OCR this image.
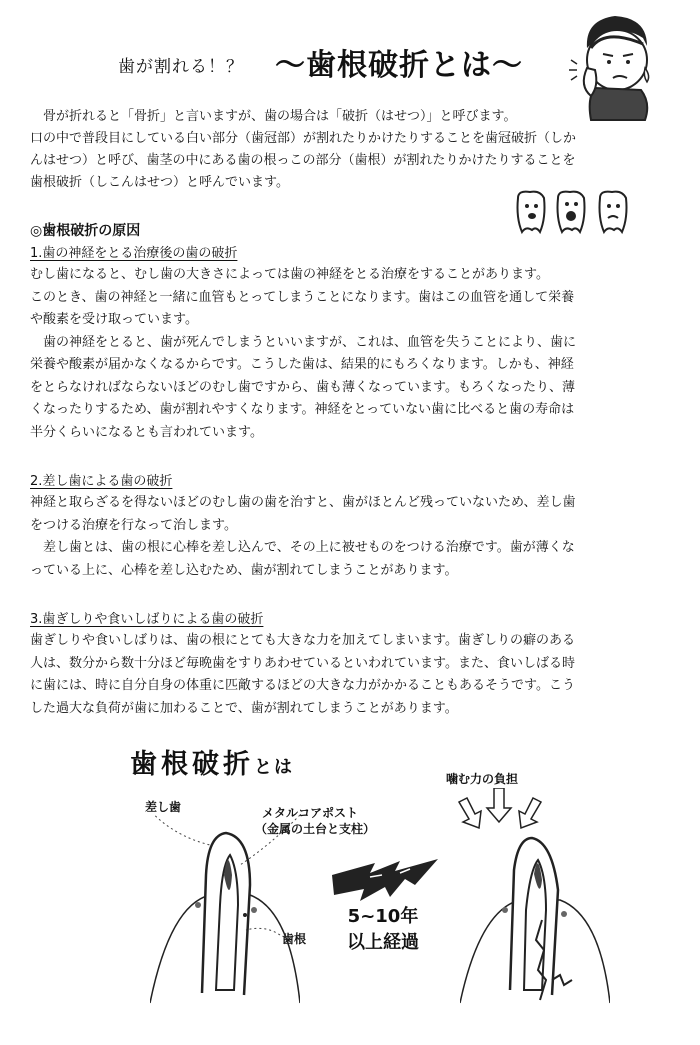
歯が割れる！？ 〜歯根破折とは〜

骨が折れると「骨折」と言いますが、歯の場合は「破折（はせつ）」と呼びます。

口の中で普段目にしている白い部分（歯冠部）が割れたりかけたりすることを歯冠破折（しか

んはせつ）と呼び、歯茎の中にある歯の根っこの部分（歯根）が割れたりかけたりすることを

歯根破折（しこんはせつ）と呼んでいます。

◎歯根破折の原因
1.歯の神経をとる治療後の歯の破折

むし歯になると、むし歯の大きさによっては歯の神経をとる治療をすることがあります。

このとき、歯の神経と一緒に血管もとってしまうことになります。歯はこの血管を通して栄養

や酸素を受け取っています。

歯の神経をとると、歯が死んでしまうといいますが、これは、血管を失うことにより、歯に

栄養や酸素が届かなくなるからです。こうした歯は、結果的にもろくなります。しかも、神経

をとらなければならないほどのむし歯ですから、歯も薄くなっています。もろくなったり、薄

くなったりするため、歯が割れやすくなります。神経をとっていない歯に比べると歯の寿命は

半分くらいになるとも言われています。

2.差し歯による歯の破折

神経と取らざるを得ないほどのむし歯の歯を治すと、歯がほとんど残っていないため、差し歯

をつける治療を行なって治します。

差し歯とは、歯の根に心棒を差し込んで、その上に被せものをつける治療です。歯が薄くな

っている上に、心棒を差し込むため、歯が割れてしまうことがあります。

3.歯ぎしりや食いしばりによる歯の破折

歯ぎしりや食いしばりは、歯の根にとても大きな力を加えてしまいます。歯ぎしりの癖のある

人は、数分から数十分ほど毎晩歯をすりあわせているといわれています。また、食いしばる時

に歯には、時に自分自身の体重に匹敵するほどの大きな力がかかることもあるそうです。こう

した過大な負荷が歯に加わることで、歯が割れてしまうことがあります。

歯根破折とは
差し歯	メタルコアポスト
（金属の土台と支柱）
歯根
噛む力の負担
5~10年
以上経過
